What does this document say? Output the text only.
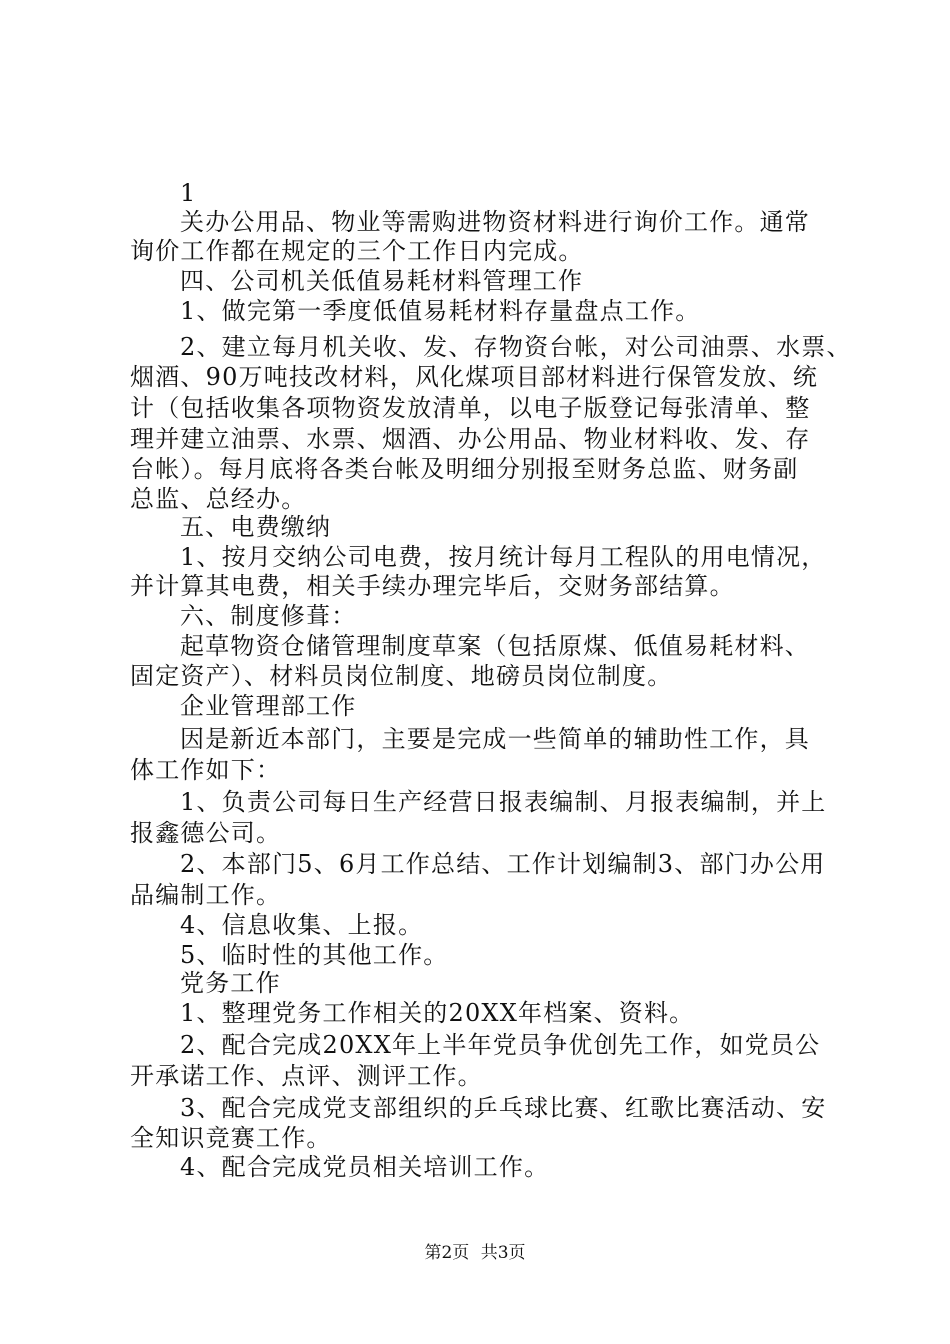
1
关办公用品、物业等需购进物资材料进行询价工作。通常
询价工作都在规定的三个工作日内完成。
四、公司机关低值易耗材料管理工作
1、做完第一季度低值易耗材料存量盘点工作。
2、建立每月机关收、发、存物资台帐，对公司油票、水票、
烟酒、90万吨技改材料，风化煤项目部材料进行保管发放、统
计（包括收集各项物资发放清单，以电子版登记每张清单、整
理并建立油票、水票、烟酒、办公用品、物业材料收、发、存
台帐）。每月底将各类台帐及明细分别报至财务总监、财务副
总监、总经办。
五、电费缴纳
1、按月交纳公司电费，按月统计每月工程队的用电情况，
并计算其电费，相关手续办理完毕后，交财务部结算。
六、制度修葺：
起草物资仓储管理制度草案（包括原煤、低值易耗材料、
固定资产）、材料员岗位制度、地磅员岗位制度。
企业管理部工作
因是新近本部门，主要是完成一些简单的辅助性工作，具
体工作如下：
1、负责公司每日生产经营日报表编制、月报表编制，并上
报鑫德公司。
2、本部门5、6月工作总结、工作计划编制3、部门办公用
品编制工作。
4、信息收集、上报。
5、临时性的其他工作。
党务工作
1、整理党务工作相关的20XX年档案、资料。
2、配合完成20XX年上半年党员争优创先工作，如党员公
开承诺工作、点评、测评工作。
3、配合完成党支部组织的乒乓球比赛、红歌比赛活动、安
全知识竞赛工作。
4、配合完成党员相关培训工作。
第2页 共3页
